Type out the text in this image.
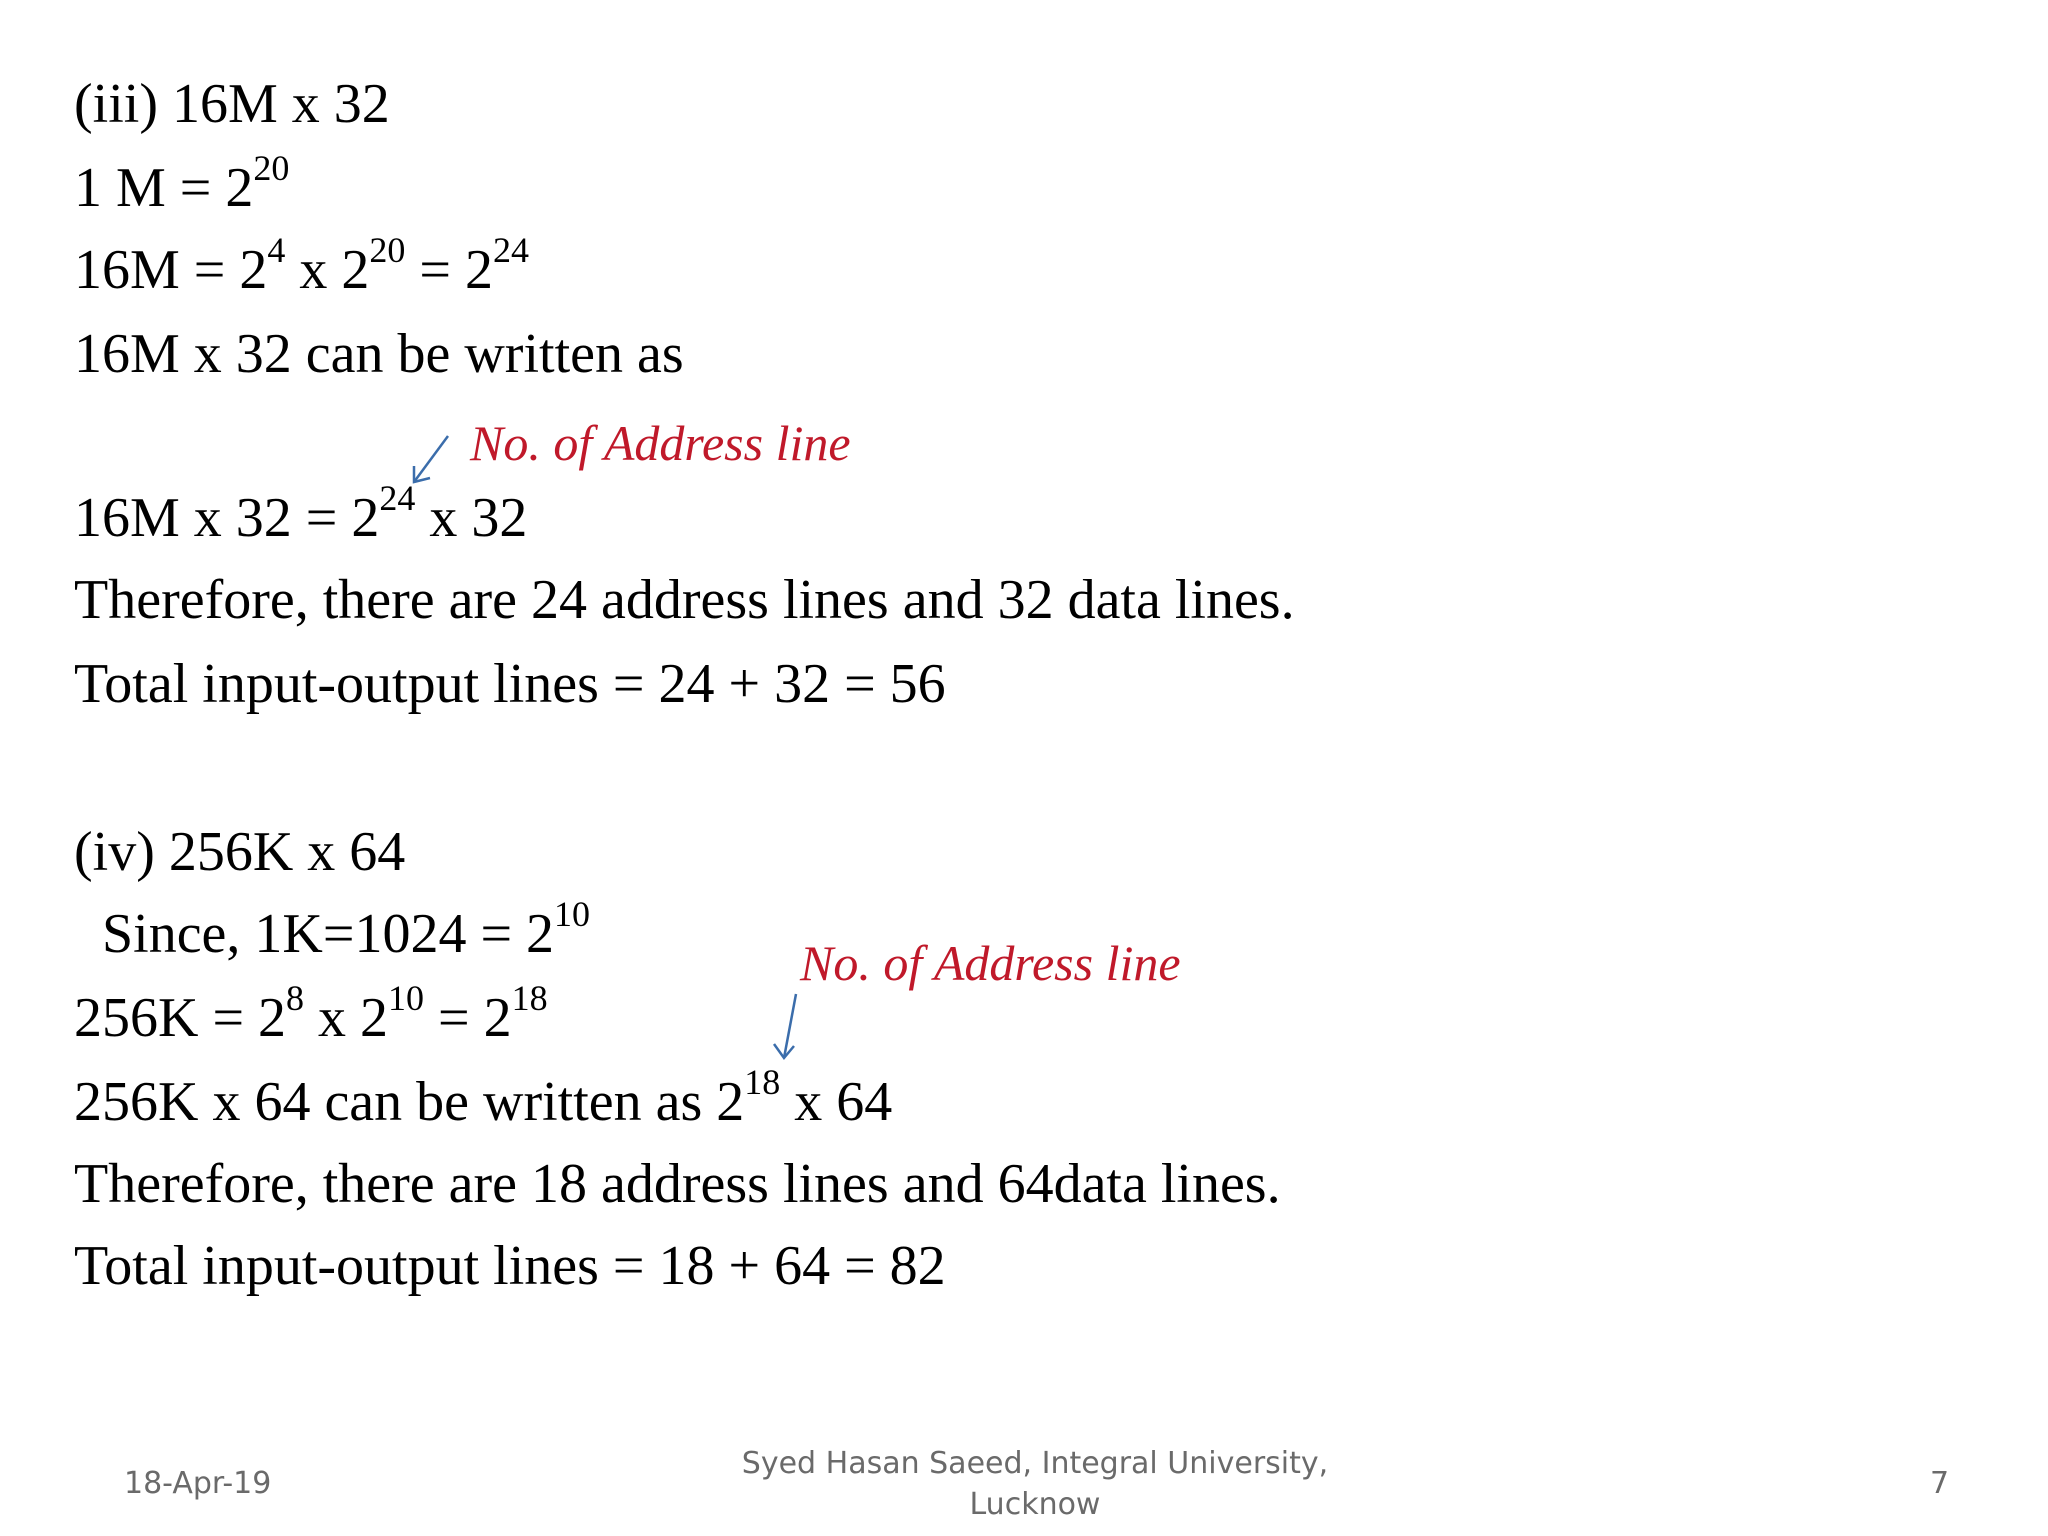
(iii) 16M x 32
1 $M = 2^{20}$
$16M = 2^4$ x $2^{20} = 2^{24}$
16M x 32 can be written as
No. of Address line
16M x $32 = 2^{24}$ x 32
Therefore, there are 24 address lines and 32 data lines.
Total input-output lines = 24 + 32 = 56
(iv) 256K x 64
Since, $1K=1024 = 2^{10}$
No. of Address line
$256K = 2^8$ x $2^{10} = 2^{18}$
256K x 64 can be written as $2^{18}$ x 64
Therefore, there are 18 address lines and 64data lines.
Total input-output lines = 18 + 64 = 82
18-Apr-19
Syed Hasan Saeed, Integral University,
Lucknow
7
